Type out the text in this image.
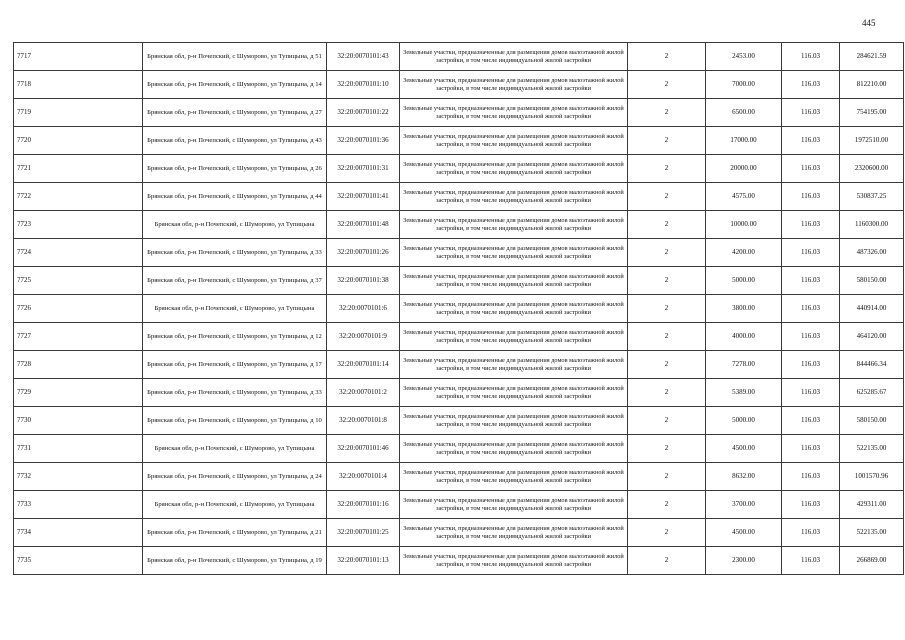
445
7717	Брянская обл, р-н Почепский, с Шуморово, ул Тупицына, д 51	32:20:0070101:43	Земельные участки, предназначенные для размещения домов малоэтажной жилой застройки, в том числе индивидуальной жилой застройки	2	2453.00	116.03	284621.59
7718	Брянская обл, р-н Почепский, с Шуморово, ул Тупицына, д 14	32:20:0070101:10	Земельные участки, предназначенные для размещения домов малоэтажной жилой застройки, в том числе индивидуальной жилой застройки	2	7000.00	116.03	812210.00
7719	Брянская обл, р-н Почепский, с Шуморово, ул Тупицына, д 27	32:20:0070101:22	Земельные участки, предназначенные для размещения домов малоэтажной жилой застройки, в том числе индивидуальной жилой застройки	2	6500.00	116.03	754195.00
7720	Брянская обл, р-н Почепский, с Шуморово, ул Тупицына, д 43	32:20:0070101:36	Земельные участки, предназначенные для размещения домов малоэтажной жилой застройки, в том числе индивидуальной жилой застройки	2	17000.00	116.03	1972510.00
7721	Брянская обл, р-н Почепский, с Шуморово, ул Тупицына, д 26	32:20:0070101:31	Земельные участки, предназначенные для размещения домов малоэтажной жилой застройки, в том числе индивидуальной жилой застройки	2	20000.00	116.03	2320600.00
7722	Брянская обл, р-н Почепский, с Шуморово, ул Тупицына, д 44	32:20:0070101:41	Земельные участки, предназначенные для размещения домов малоэтажной жилой застройки, в том числе индивидуальной жилой застройки	2	4575.00	116.03	530837.25
7723	Брянская обл, р-н Почепский, с Шуморово, ул Тупицына	32:20:0070101:48	Земельные участки, предназначенные для размещения домов малоэтажной жилой застройки, в том числе индивидуальной жилой застройки	2	10000.00	116.03	1160300.00
7724	Брянская обл, р-н Почепский, с Шуморово, ул Тупицына, д 33	32:20:0070101:26	Земельные участки, предназначенные для размещения домов малоэтажной жилой застройки, в том числе индивидуальной жилой застройки	2	4200.00	116.03	487326.00
7725	Брянская обл, р-н Почепский, с Шуморово, ул Тупицына, д 37	32:20:0070101:38	Земельные участки, предназначенные для размещения домов малоэтажной жилой застройки, в том числе индивидуальной жилой застройки	2	5000.00	116.03	580150.00
7726	Брянская обл, р-н Почепский, с Шуморово, ул Тупицына	32:20:0070101:6	Земельные участки, предназначенные для размещения домов малоэтажной жилой застройки, в том числе индивидуальной жилой застройки	2	3800.00	116.03	440914.00
7727	Брянская обл, р-н Почепский, с Шуморово, ул Тупицына, д 12	32:20:0070101:9	Земельные участки, предназначенные для размещения домов малоэтажной жилой застройки, в том числе индивидуальной жилой застройки	2	4000.00	116.03	464120.00
7728	Брянская обл, р-н Почепский, с Шуморово, ул Тупицына, д 17	32:20:0070101:14	Земельные участки, предназначенные для размещения домов малоэтажной жилой застройки, в том числе индивидуальной жилой застройки	2	7278.00	116.03	844466.34
7729	Брянская обл, р-н Почепский, с Шуморово, ул Тупицына, д 33	32:20:0070101:2	Земельные участки, предназначенные для размещения домов малоэтажной жилой застройки, в том числе индивидуальной жилой застройки	2	5389.00	116.03	625285.67
7730	Брянская обл, р-н Почепский, с Шуморово, ул Тупицына, д 10	32:20:0070101:8	Земельные участки, предназначенные для размещения домов малоэтажной жилой застройки, в том числе индивидуальной жилой застройки	2	5000.00	116.03	580150.00
7731	Брянская обл, р-н Почепский, с Шуморово, ул Тупицына	32:20:0070101:46	Земельные участки, предназначенные для размещения домов малоэтажной жилой застройки, в том числе индивидуальной жилой застройки	2	4500.00	116.03	522135.00
7732	Брянская обл, р-н Почепский, с Шуморово, ул Тупицына, д 24	32:20:0070101:4	Земельные участки, предназначенные для размещения домов малоэтажной жилой застройки, в том числе индивидуальной жилой застройки	2	8632.00	116.03	1001570.96
7733	Брянская обл, р-н Почепский, с Шуморово, ул Тупицына	32:20:0070101:16	Земельные участки, предназначенные для размещения домов малоэтажной жилой застройки, в том числе индивидуальной жилой застройки	2	3700.00	116.03	429311.00
7734	Брянская обл, р-н Почепский, с Шуморово, ул Тупицына, д 21	32:20:0070101:25	Земельные участки, предназначенные для размещения домов малоэтажной жилой застройки, в том числе индивидуальной жилой застройки	2	4500.00	116.03	522135.00
7735	Брянская обл, р-н Почепский, с Шуморово, ул Тупицына, д 19	32:20:0070101:13	Земельные участки, предназначенные для размещения домов малоэтажной жилой застройки, в том числе индивидуальной жилой застройки	2	2300.00	116.03	266869.00
